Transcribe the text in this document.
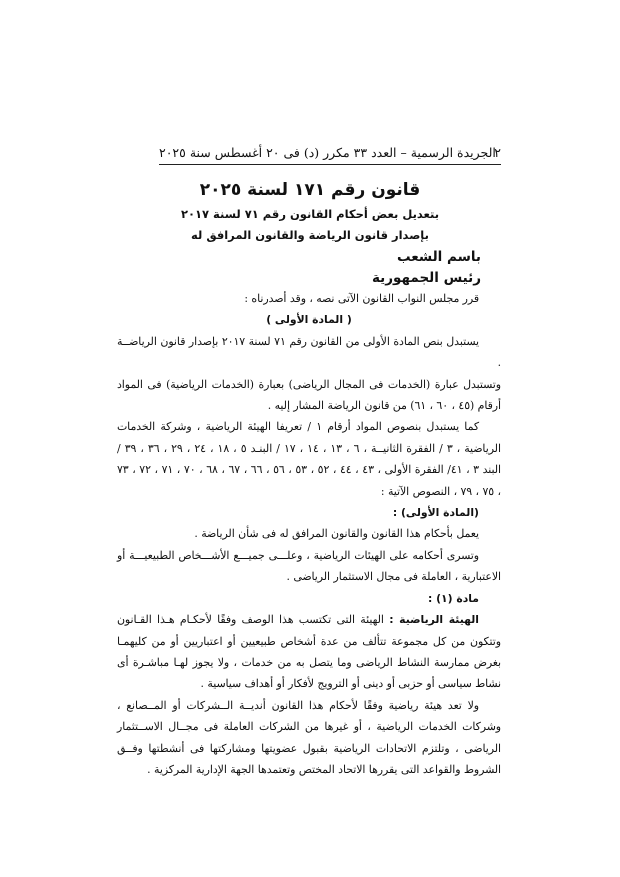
٢
الجريدة الرسمية – العدد ٣٣ مكرر (د) فى ٢٠ أغسطس سنة ٢٠٢٥
قانون رقم ١٧١ لسنة ٢٠٢٥
بتعديل بعض أحكام القانون رقم ٧١ لسنة ٢٠١٧
بإصدار قانون الرياضة والقانون المرافق له
باسم الشعب
رئيس الجمهورية

قرر مجلس النواب القانون الآتى نصه ، وقد أصدرناه :

( المادة الأولى )

يستبدل بنص المادة الأولى من القانون رقم ٧١ لسنة ٢٠١٧ بإصدار قانون الرياضــة .

وتستبدل عبارة (الخدمات فى المجال الرياضى) بعبارة (الخدمات الرياضية) فى المواد أرقام (٤٥ ، ٦٠ ، ٦١) من قانون الرياضة المشار إليه .

كما يستبدل بنصوص المواد أرقام ١ / تعريفا الهيئة الرياضية ، وشركة الخدمات الرياضية ، ٣ / الفقرة الثانيــة ، ٦ ، ١٣ ، ١٤ ، ١٧ / البنـد ٥ ، ١٨ ، ٢٤ ، ٢٩ ، ٣٦ ، ٣٩ / البند ٣ ، ٤١/ الفقرة الأولى ، ٤٣ ، ٤٤ ، ٥٢ ، ٥٣ ، ٥٦ ، ٦٦ ، ٦٧ ، ٦٨ ، ٧٠ ، ٧١ ، ٧٢ ، ٧٣ ، ٧٥ ، ٧٩ ، النصوص الآتية :

(المادة الأولى) :

يعمل بأحكام هذا القانون والقانون المرافق له فى شأن الرياضة .

وتسرى أحكامه على الهيئات الرياضية ، وعلـــى جميـــع الأشـــخاص الطبيعيـــة أو الاعتبارية ، العاملة فى مجال الاستثمار الرياضى .

مادة (١) :

الهيئة الرياضية : الهيئة التى تكتسب هذا الوصف وفقًا لأحكـام هـذا القـانون وتتكون من كل مجموعة تتألف من عدة أشخاص طبيعيين أو اعتباريين أو من كليهمـا بغرض ممارسة النشاط الرياضى وما يتصل به من خدمات ، ولا يجوز لهـا مباشـرة أى نشاط سياسى أو حزبى أو دينى أو الترويج لأفكار أو أهداف سياسية .

ولا تعد هيئة رياضية وفقًا لأحكام هذا القانون أنديــة الــشركات أو المــصانع ، وشركات الخدمات الرياضية ، أو غيرها من الشركات العاملة فى مجــال الاســتثمار الرياضى ، وتلتزم الاتحادات الرياضية بقبول عضويتها ومشاركتها فى أنشطتها وفــق الشروط والقواعد التى يقررها الاتحاد المختص وتعتمدها الجهة الإدارية المركزية .
